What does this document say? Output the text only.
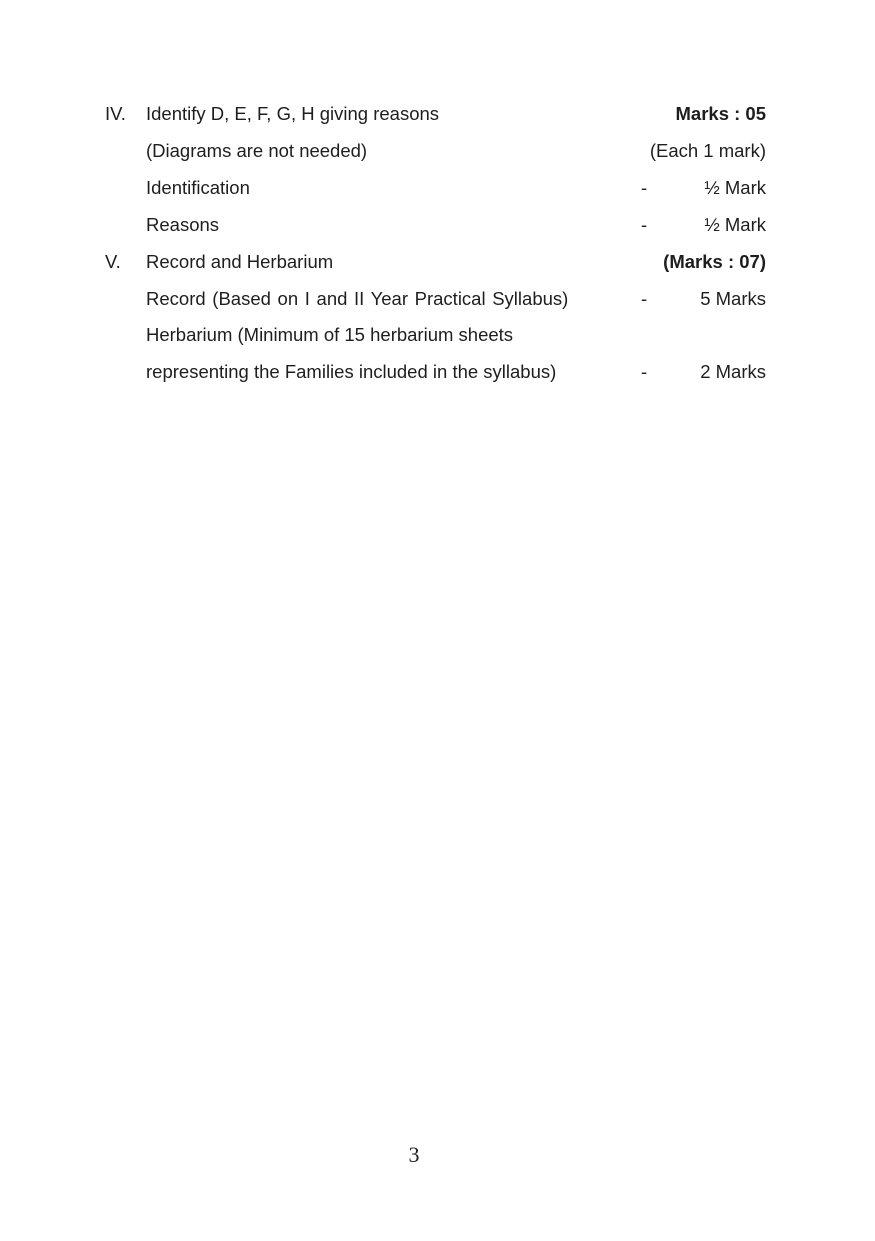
IV. Identify D, E, F, G, H giving reasons	Marks : 05
(Diagrams are not needed)	(Each 1 mark)
Identification	-	½ Mark
Reasons	-	½ Mark
V. Record and Herbarium	(Marks : 07)
Record (Based on I and II Year Practical Syllabus)	-	5 Marks
Herbarium (Minimum of 15 herbarium sheets
representing the Families included in the syllabus)	-	2 Marks
3
